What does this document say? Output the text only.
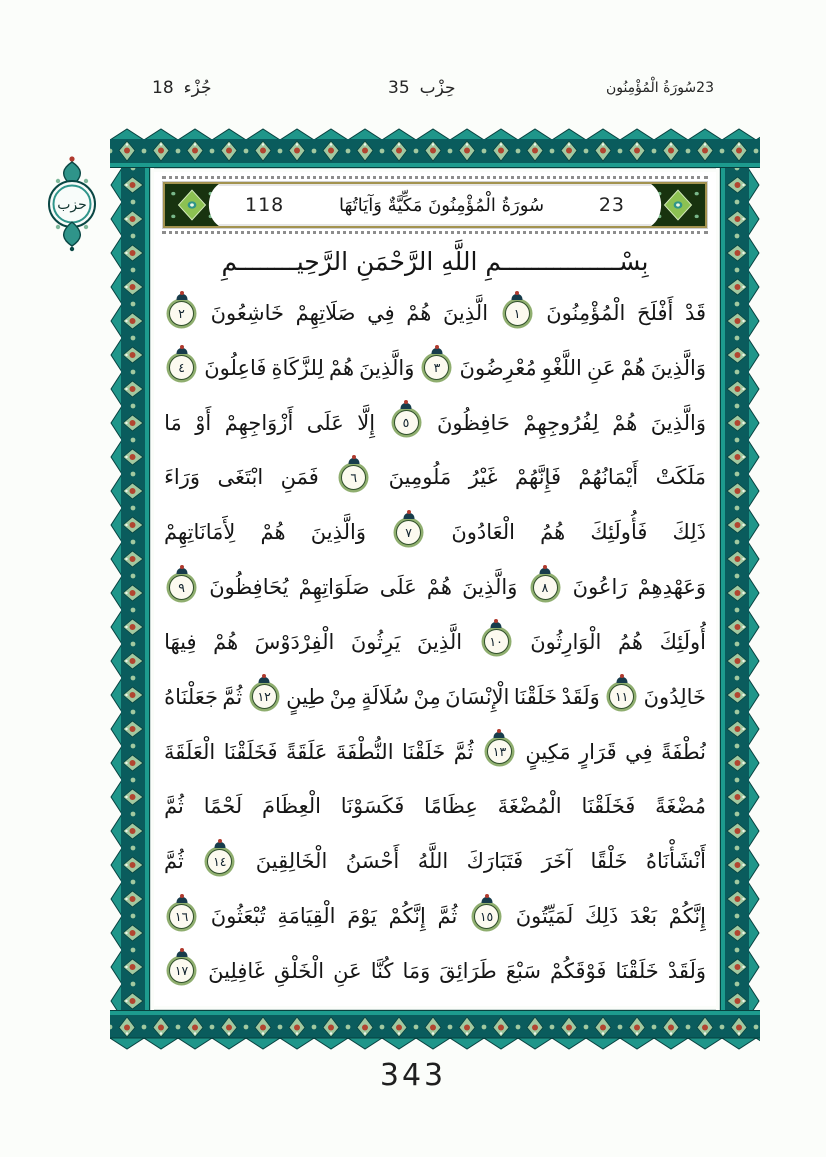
جُزْء18	حِزْب35	23سُورَةُ الْمُؤْمِنُون
حزب	23
سُورَةُ الْمُؤْمِنُونَ مَكِّيَّةٌ وَآيَاتُهَا
118
بِسْــــــــــــــــمِ اللَّهِ الرَّحْمَنِ الرَّحِيــــــــمِ
قَدْ
أَفْلَحَ
الْمُؤْمِنُونَ
١
الَّذِينَ
هُمْ
فِي
صَلَاتِهِمْ
خَاشِعُونَ
٢
وَالَّذِينَ
هُمْ
عَنِ
اللَّغْوِ
مُعْرِضُونَ
٣
وَالَّذِينَ
هُمْ
لِلزَّكَاةِ
فَاعِلُونَ
٤
وَالَّذِينَ
هُمْ
لِفُرُوجِهِمْ
حَافِظُونَ
٥
إِلَّا
عَلَى
أَزْوَاجِهِمْ
أَوْ
مَا
مَلَكَتْ
أَيْمَانُهُمْ
فَإِنَّهُمْ
غَيْرُ
مَلُومِينَ
٦
فَمَنِ
ابْتَغَى
وَرَاءَ
ذَلِكَ
فَأُولَئِكَ
هُمُ
الْعَادُونَ
٧
وَالَّذِينَ
هُمْ
لِأَمَانَاتِهِمْ
وَعَهْدِهِمْ
رَاعُونَ
٨
وَالَّذِينَ
هُمْ
عَلَى
صَلَوَاتِهِمْ
يُحَافِظُونَ
٩
أُولَئِكَ
هُمُ
الْوَارِثُونَ
١٠
الَّذِينَ
يَرِثُونَ
الْفِرْدَوْسَ
هُمْ
فِيهَا
خَالِدُونَ
١١
وَلَقَدْ
خَلَقْنَا
الْإِنْسَانَ
مِنْ
سُلَالَةٍ
مِنْ
طِينٍ
١٢
ثُمَّ
جَعَلْنَاهُ
نُطْفَةً
فِي
قَرَارٍ
مَكِينٍ
١٣
ثُمَّ
خَلَقْنَا
النُّطْفَةَ
عَلَقَةً
فَخَلَقْنَا
الْعَلَقَةَ
مُضْغَةً
فَخَلَقْنَا
الْمُضْغَةَ
عِظَامًا
فَكَسَوْنَا
الْعِظَامَ
لَحْمًا
ثُمَّ
أَنْشَأْنَاهُ
خَلْقًا
آخَرَ
فَتَبَارَكَ
اللَّهُ
أَحْسَنُ
الْخَالِقِينَ
١٤
ثُمَّ
إِنَّكُمْ
بَعْدَ
ذَلِكَ
لَمَيِّتُونَ
١٥
ثُمَّ
إِنَّكُمْ
يَوْمَ
الْقِيَامَةِ
تُبْعَثُونَ
١٦
وَلَقَدْ
خَلَقْنَا
فَوْقَكُمْ
سَبْعَ
طَرَائِقَ
وَمَا
كُنَّا
عَنِ
الْخَلْقِ
غَافِلِينَ
١٧
343
